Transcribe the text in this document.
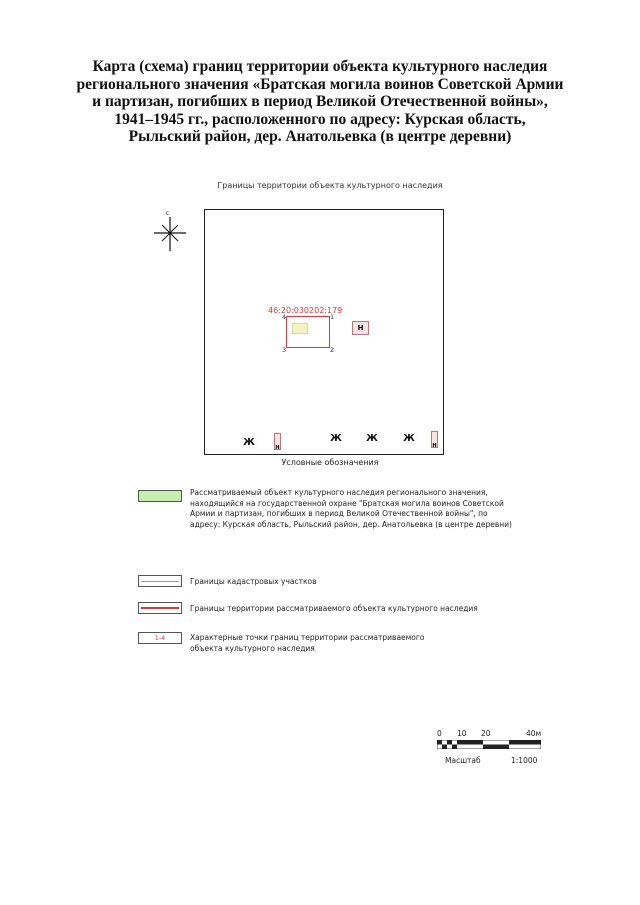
Карта (схема) границ территории объекта культурного наследия
регионального значения «Братская могила воинов Советской Армии
и партизан, погибших в период Великой Отечественной войны»,
1941–1945 гг., расположенного по адресу: Курская область,
Рыльский район, дер. Анатольевка (в центре деревни)
Границы территории объекта культурного наследия
С
46:20:030202:179
4	1
3	2
Н
Ж	Н
Ж	Ж	Ж
Н
Условные обозначения
Рассматриваемый объект культурного наследия регионального значения, находящийся на государственной охране "Братская могила воинов Советской Армии и партизан, погибших в период Великой Отечественной войны", по адресу: Курская область, Рыльский район, дер. Анатольевка (в центре деревни)
Границы кадастровых участков
Границы территории рассматриваемого объекта культурного наследия
1-4	Характерные точки границ территории рассматриваемого объекта культурного наследия
0 10 20	40м
Масштаб	1:1000
